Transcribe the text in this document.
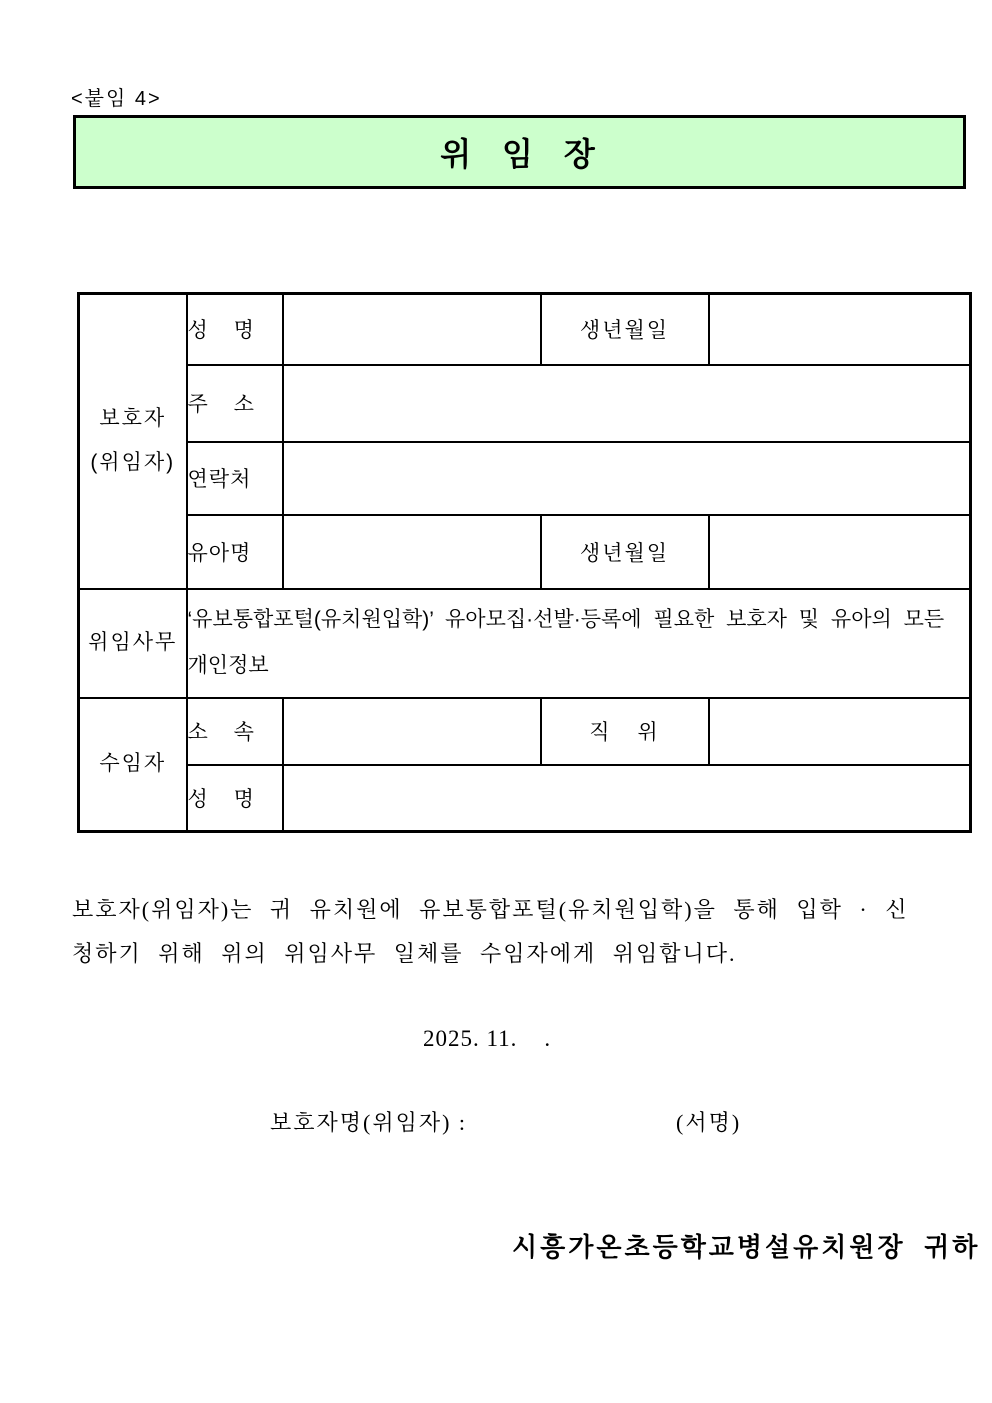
<붙임 4>
위 임 장
보호자
(위임자)	성 명		생년월일	
	주 소			
	연락처			
	유아명		생년월일	
위임사무	‘유보통합포털(유치원입학)’ 유아모집·선발·등록에 필요한 보호자 및 유아의 모든
개인정보			

수임자	소 속		직 위	
	성 명			
보호자(위임자)는 귀 유치원에 유보통합포털(유치원입학)을 통해 입학 · 신
청하기 위해 위의 위임사무 일체를 수임자에게 위임합니다.
2025. 11.    .
보호자명(위임자) :	(서명)
시흥가온초등학교병설유치원장 귀하
